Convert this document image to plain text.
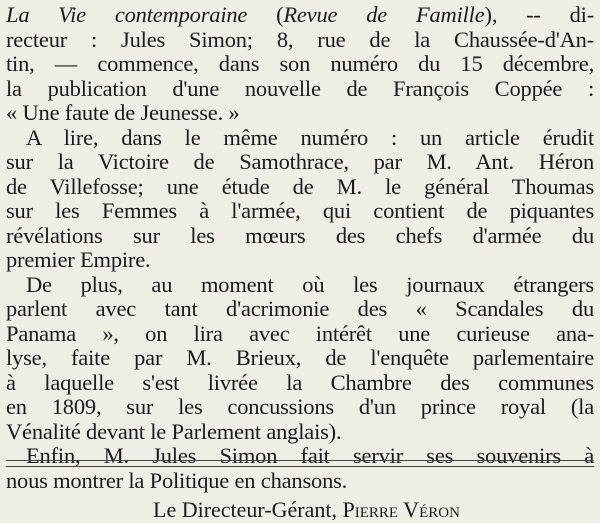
La Vie contemporaine (Revue de Famille), -- di-
recteur : Jules Simon; 8, rue de la Chaussée-d'An-
tin, — commence, dans son numéro du 15 décembre,
la publication d'une nouvelle de François Coppée :
« Une faute de Jeunesse. »
A lire, dans le même numéro : un article érudit
sur la Victoire de Samothrace, par M. Ant. Héron
de Villefosse; une étude de M. le général Thoumas
sur les Femmes à l'armée, qui contient de piquantes
révélations sur les mœurs des chefs d'armée du
premier Empire.
De plus, au moment où les journaux étrangers
parlent avec tant d'acrimonie des « Scandales du
Panama », on lira avec intérêt une curieuse ana-
lyse, faite par M. Brieux, de l'enquête parlementaire
à laquelle s'est livrée la Chambre des communes
en 1809, sur les concussions d'un prince royal (la
Vénalité devant le Parlement anglais).
Enfin, M. Jules Simon fait servir ses souvenirs à
nous montrer la Politique en chansons.
Le Directeur-Gérant, Pierre Véron
